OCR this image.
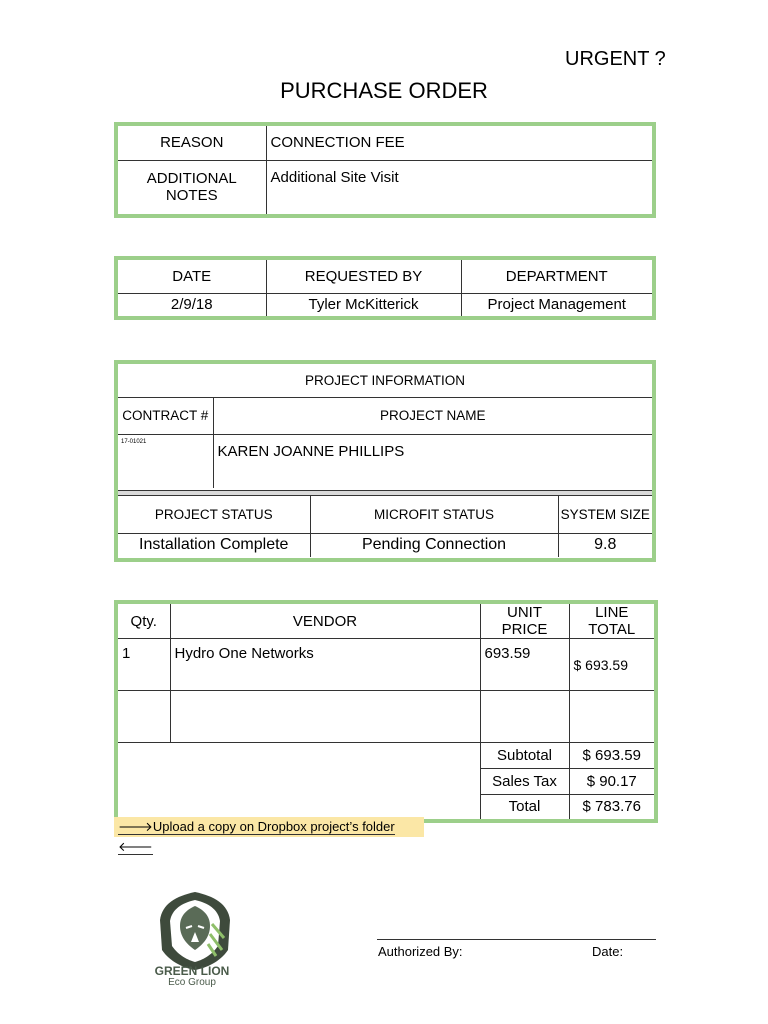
URGENT ?
PURCHASE ORDER
REASON	CONNECTION FEE
ADDITIONAL NOTES	Additional Site Visit
DATE	REQUESTED BY	DEPARTMENT
2/9/18	Tyler McKitterick	Project Management
PROJECT INFORMATION	
CONTRACT #	PROJECT NAME
17-01021	KAREN JOANNE PHILLIPS
PROJECT STATUS	MICROFIT STATUS	SYSTEM SIZE
Installation Complete	Pending Connection	9.8
Qty.	VENDOR	UNIT PRICE	LINE TOTAL
1	Hydro One Networks	693.59	$ 693.59

		Subtotal	$ 693.59
		Sales Tax	$ 90.17
		Total	$ 783.76
🡒Upload a copy on Dropbox project’s folder 🡐
GREEN LION
Eco Group
Authorized By:	Date:
